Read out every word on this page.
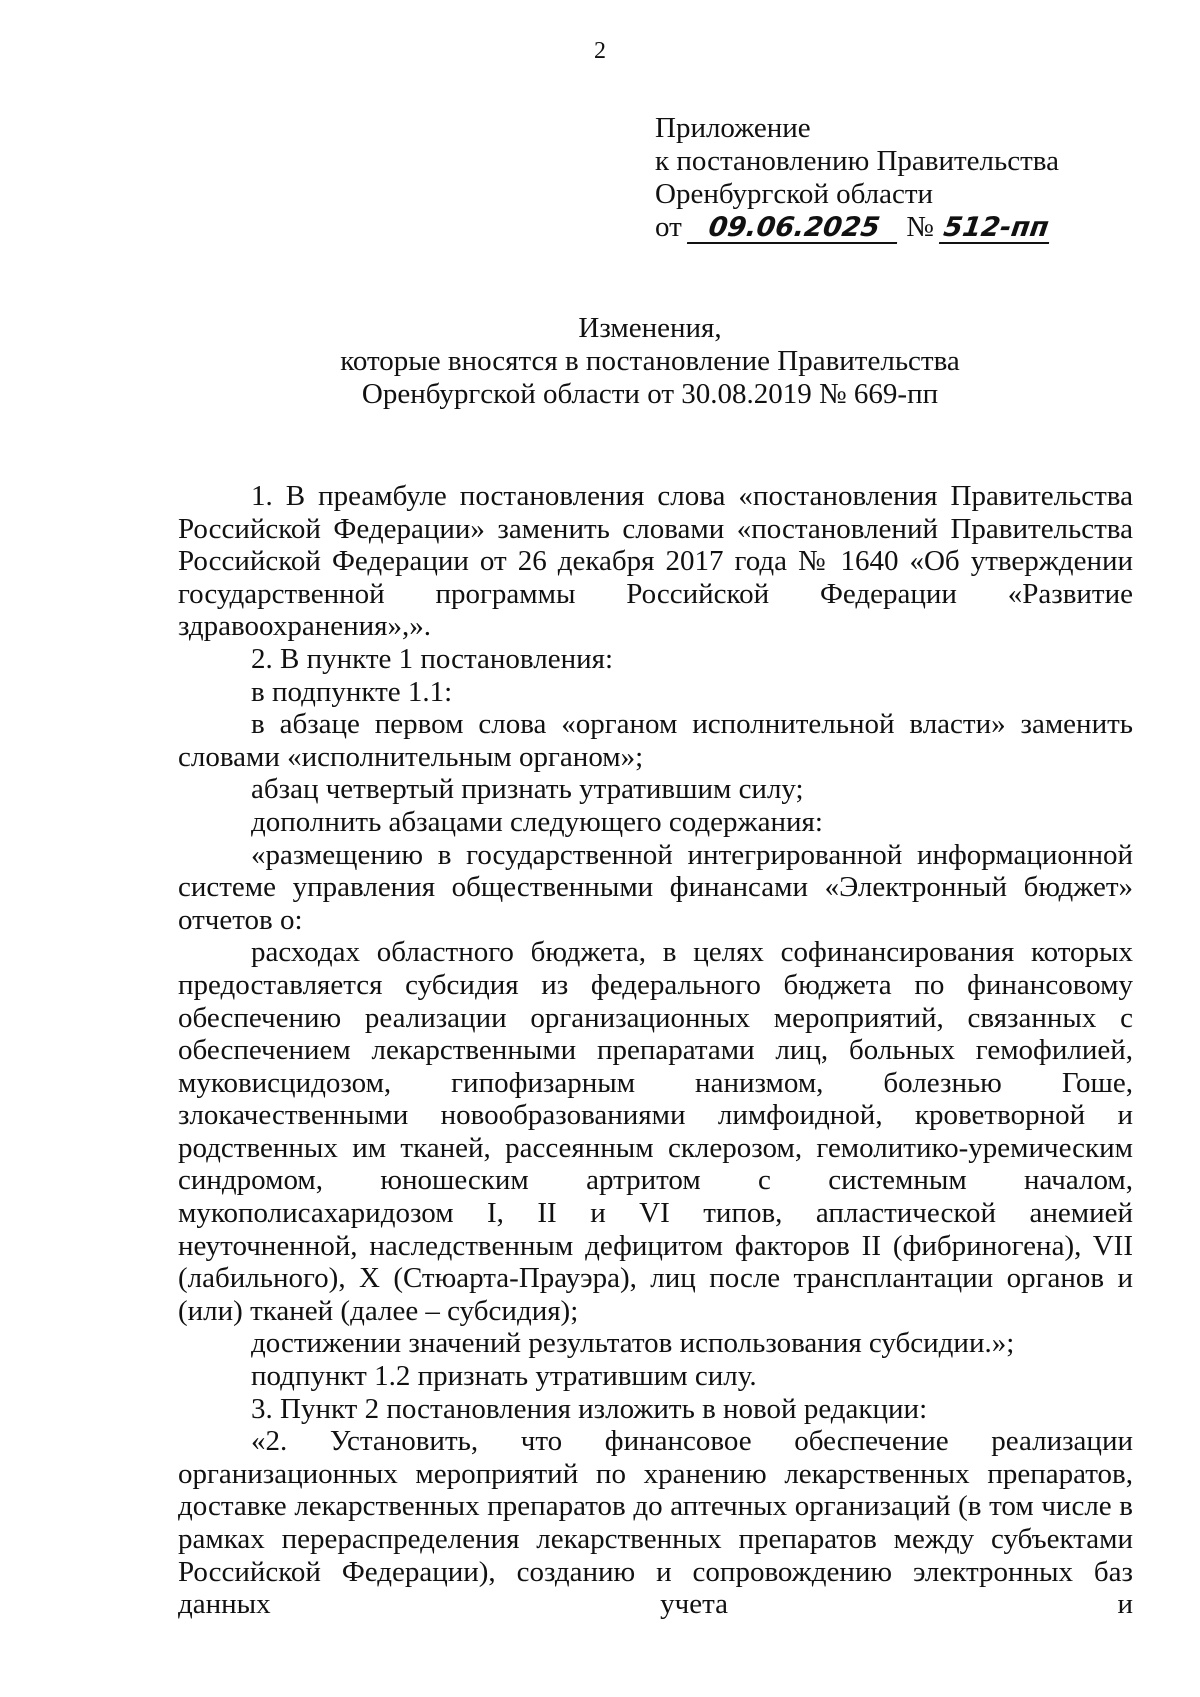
2
Приложение
к постановлению Правительства
Оренбургской области
от 09.06.2025 № 512-пп
Изменения,
которые вносятся в постановление Правительства
Оренбургской области от 30.08.2019 № 669-пп

1. В преамбуле постановления слова «постановления Правительства Российской Федерации» заменить словами «постановлений Правительства Российской Федерации от 26 декабря 2017 года № 1640 «Об утверждении государственной программы Российской Федерации «Развитие здравоохранения»,».

2. В пункте 1 постановления:

в подпункте 1.1:

в абзаце первом слова «органом исполнительной власти» заменить словами «исполнительным органом»;

абзац четвертый признать утратившим силу;

дополнить абзацами следующего содержания:

«размещению в государственной интегрированной информационной системе управления общественными финансами «Электронный бюджет» отчетов о:

расходах областного бюджета, в целях софинансирования которых предоставляется субсидия из федерального бюджета по финансовому обеспечению реализации организационных мероприятий, связанных с обеспечением лекарственными препаратами лиц, больных гемофилией, муковисцидозом, гипофизарным нанизмом, болезнью Гоше, злокачественными новообразованиями лимфоидной, кроветворной и родственных им тканей, рассеянным склерозом, гемолитико-уремическим синдромом, юношеским артритом с системным началом, мукополисахаридозом I, II и VI типов, апластической анемией неуточненной, наследственным дефицитом факторов II (фибриногена), VII (лабильного), X (Стюарта-Прауэра), лиц после трансплантации органов и (или) тканей (далее – субсидия);

достижении значений результатов использования субсидии.»;

подпункт 1.2 признать утратившим силу.

3. Пункт 2 постановления изложить в новой редакции:

«2. Установить, что финансовое обеспечение реализации организационных мероприятий по хранению лекарственных препаратов, доставке лекарственных препаратов до аптечных организаций (в том числе в рамках перераспределения лекарственных препаратов между субъектами Российской Федерации), созданию и сопровождению электронных баз данных учета и
